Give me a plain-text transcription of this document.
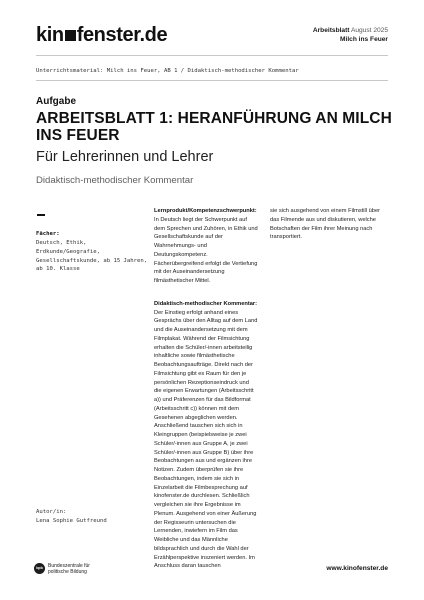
kin fenster.de	Arbeitsblatt August 2025
Milch ins Feuer
Unterrichtsmaterial: Milch ins Feuer, AB 1 / Didaktisch-methodischer Kommentar
Aufgabe
ARBEITSBLATT 1: HERANFÜHRUNG AN MILCH INS FEUER
Für Lehrerinnen und Lehrer
Didaktisch-methodischer Kommentar
Fächer:
Deutsch, Ethik, Erdkunde/Geografie, Gesellschaftskunde, ab 15 Jahren, ab 10. Klasse
Autor/in:
Lena Sophie Gutfreund

Lernprodukt/Kompetenzschwerpunkt: In Deutsch liegt der Schwerpunkt auf dem Sprechen und Zuhören, in Ethik und Gesellschaftskunde auf der Wahrnehmungs- und Deutungskompetenz. Fächerübergreifend erfolgt die Vertiefung mit der Auseinandersetzung filmästhetischer Mittel.

Didaktisch-methodischer Kommentar: Der Einstieg erfolgt anhand eines Gesprächs über den Alltag auf dem Land und die Auseinandersetzung mit dem Filmplakat. Während der Filmsichtung erhalten die Schüler/-innen arbeitsteilig inhaltliche sowie filmästhetische Beobachtungsaufträge. Direkt nach der Filmsichtung gibt es Raum für den je persönlichen Rezeptionseindruck und die eigenen Erwartungen (Arbeitsschritt a)) und Präferenzen für das Bildformat (Arbeitsschritt c)) können mit dem Gesehenen abgeglichen werden. Anschließend tauschen sich sich in Kleingruppen (beispielsweise je zwei Schüler/-innen aus Gruppe A, je zwei Schüler/-innen aus Gruppe B) über ihre Beobachtungen aus und ergänzen ihre Notizen. Zudem überprüfen sie ihre Beobachtungen, indem sie sich in Einzelarbeit die Filmbesprechung auf kinofenster.de durchlesen. Schließlich vergleichen sie ihre Ergebnisse im Plenum. Ausgehend von einer Äußerung der Regisseurin untersuchen die Lernenden, inwiefern im Film das Weibliche und das Männliche bildsprachlich und durch die Wahl der Erzählperspektive inszeniert werden. Im Anschluss daran tauschen

sie sich ausgehend von einem Filmstill über das Filmende aus und diskutieren, welche Botschaften der Film ihrer Meinung nach transportiert.

bpb	Bundeszentrale für
politische Bildung	www.kinofenster.de
